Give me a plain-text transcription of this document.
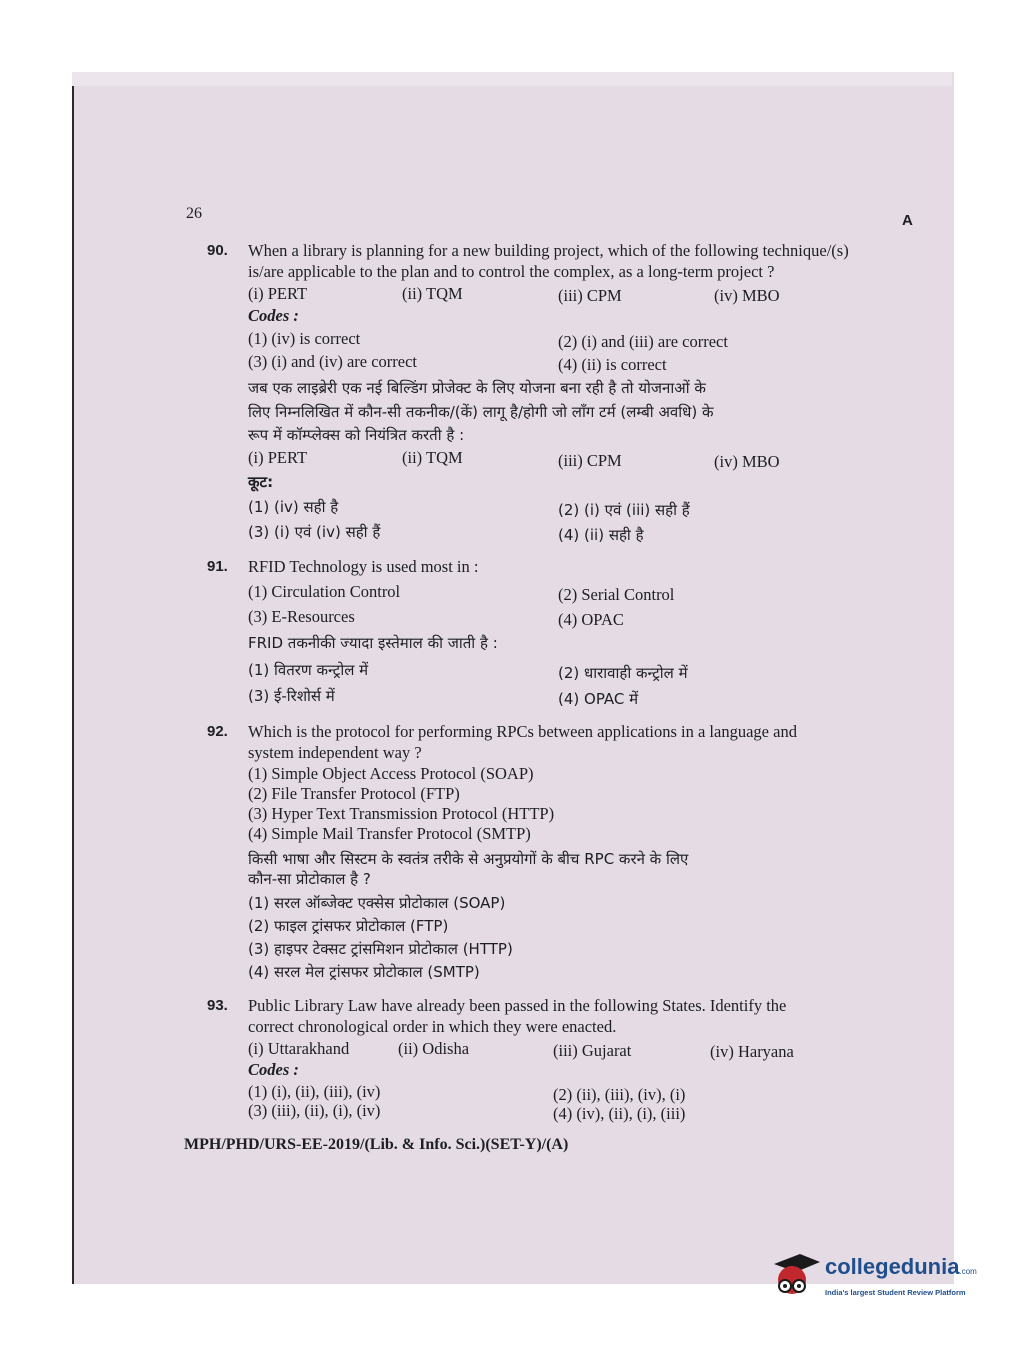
26	A
90. When a library is planning for a new building project, which of the following technique/(s)
is/are applicable to the plan and to control the complex, as a long-term project ?
(i) PERT	(ii) TQM	(iii) CPM	(iv) MBO
Codes :
(1) (iv) is correct	(2) (i) and (iii) are correct
(3) (i) and (iv) are correct	(4) (ii) is correct
जब एक लाइब्रेरी एक नई बिल्डिंग प्रोजेक्ट के लिए योजना बना रही है तो योजनाओं के
लिए निम्नलिखित में कौन-सी तकनीक/(कें) लागू है/होगी जो लाँग टर्म (लम्बी अवधि) के
रूप में कॉम्प्लेक्स को नियंत्रित करती है :
(i) PERT	(ii) TQM	(iii) CPM	(iv) MBO
कूट:
(1) (iv) सही है	(2) (i) एवं (iii) सही हैं
(3) (i) एवं (iv) सही हैं	(4) (ii) सही है
91. RFID Technology is used most in :
(1) Circulation Control	(2) Serial Control
(3) E-Resources	(4) OPAC
FRID तकनीकी ज्यादा इस्तेमाल की जाती है :
(1) वितरण कन्ट्रोल में	(2) धारावाही कन्ट्रोल में
(3) ई-रिशोर्स में	(4) OPAC में
92. Which is the protocol for performing RPCs between applications in a language and
system independent way ?
(1) Simple Object Access Protocol (SOAP)
(2) File Transfer Protocol (FTP)
(3) Hyper Text Transmission Protocol (HTTP)
(4) Simple Mail Transfer Protocol (SMTP)
किसी भाषा और सिस्टम के स्वतंत्र तरीके से अनुप्रयोगों के बीच RPC करने के लिए
कौन-सा प्रोटोकाल है ?
(1) सरल ऑब्जेक्ट एक्सेस प्रोटोकाल (SOAP)
(2) फाइल ट्रांसफर प्रोटोकाल (FTP)
(3) हाइपर टेक्सट ट्रांसमिशन प्रोटोकाल (HTTP)
(4) सरल मेल ट्रांसफर प्रोटोकाल (SMTP)
93. Public Library Law have already been passed in the following States. Identify the
correct chronological order in which they were enacted.
(i) Uttarakhand	(ii) Odisha	(iii) Gujarat	(iv) Haryana
Codes :
(1) (i), (ii), (iii), (iv)	(2) (ii), (iii), (iv), (i)
(3) (iii), (ii), (i), (iv)	(4) (iv), (ii), (i), (iii)
MPH/PHD/URS-EE-2019/(Lib. & Info. Sci.)(SET-Y)/(A)
collegedunia.com
India's largest Student Review Platform
